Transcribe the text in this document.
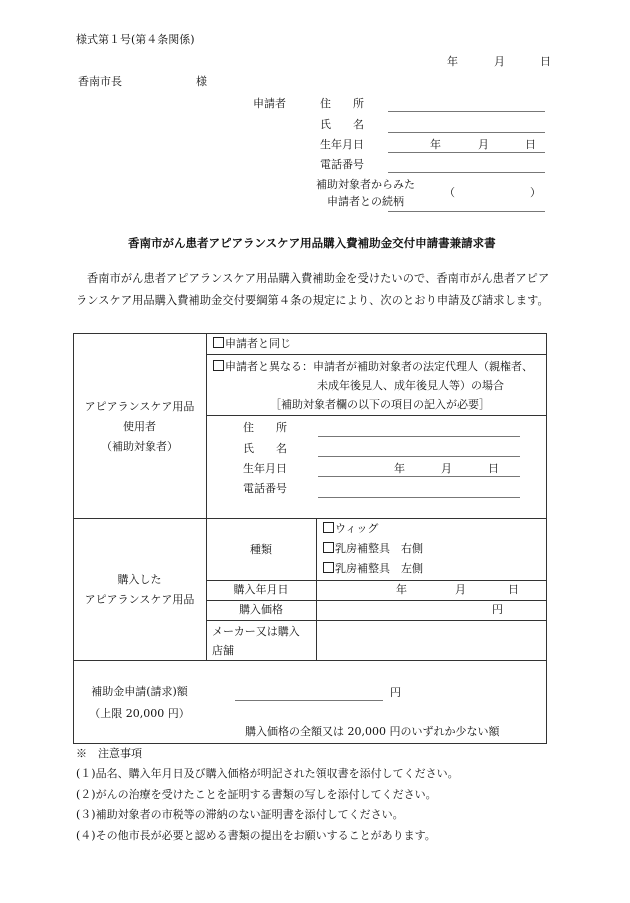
様式第１号(第４条関係)
年	月	日
香南市長	様
申請者	住　　所
氏　　名
生年月日	年	月	日
電話番号
補助対象者からみた
申請者との続柄
（	）
香南市がん患者アピアランスケア用品購入費補助金交付申請書兼請求書
香南市がん患者アピアランスケア用品購入費補助金を受けたいので、香南市がん患者アピアランスケア用品購入費補助金交付要綱第４条の規定により、次のとおり申請及び請求します。
アピアランスケア用品
使用者
（補助対象者）
申請者と同じ
申請者と異なる：申請者が補助対象者の法定代理人（親権者、
未成年後見人、成年後見人等）の場合
［補助対象者欄の以下の項目の記入が必要］
住　　所
氏　　名
生年月日	年	月	日
電話番号
購入した
アピアランスケア用品
種類
ウィッグ
乳房補整具　右側
乳房補整具　左側
購入年月日	年	月	日
購入価格	円
メーカー又は購入
店舗
補助金申請(請求)額
（上限 20,000 円）
円
購入価格の全額又は 20,000 円のいずれか少ない額
※　注意事項
(１)品名、購入年月日及び購入価格が明記された領収書を添付してください。
(２)がんの治療を受けたことを証明する書類の写しを添付してください。
(３)補助対象者の市税等の滞納のない証明書を添付してください。
(４)その他市長が必要と認める書類の提出をお願いすることがあります。
